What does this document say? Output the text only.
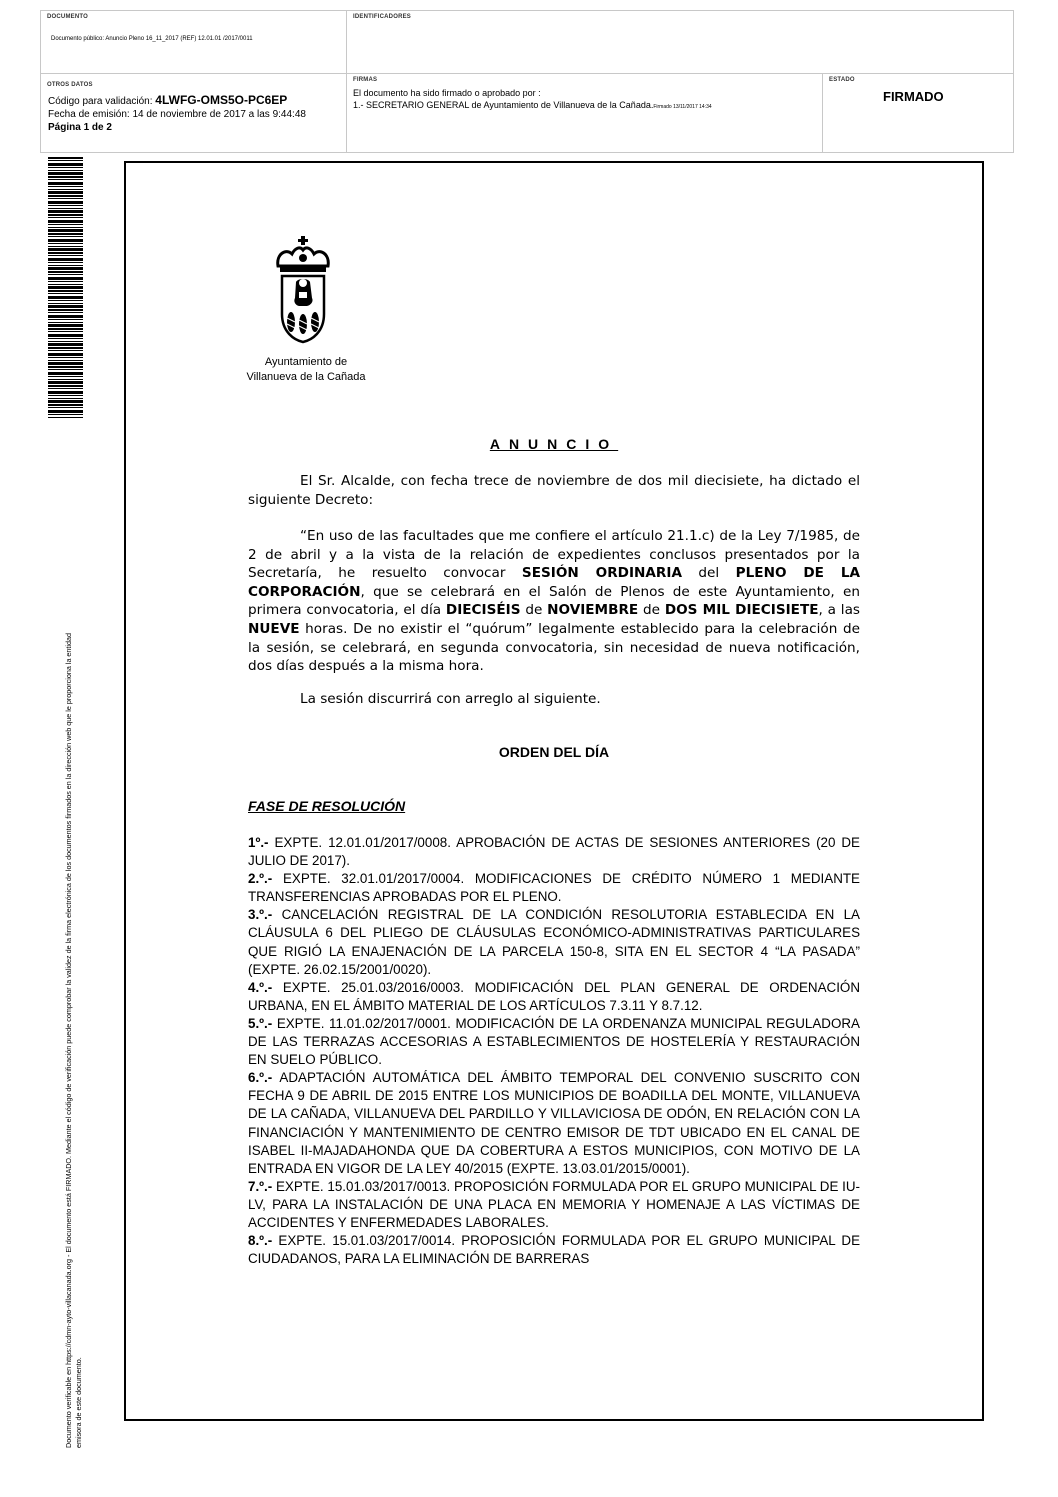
DOCUMENTO
Documento público: Anuncio Pleno 16_11_2017 (REF) 12.01.01 /2017/0011
IDENTIFICADORES
OTROS DATOS
Código para validación: 4LWFG-OMS5O-PC6EP
Fecha de emisión: 14 de noviembre de 2017 a las 9:44:48
Página 1 de 2
FIRMAS
El documento ha sido firmado o aprobado por :
1.- SECRETARIO GENERAL de Ayuntamiento de Villanueva de la Cañada.Firmado 13/11/2017 14:34
ESTADO
FIRMADO
Documento verificable en https://cdmn-ayto-villacanada.org - El documento está FIRMADO. Mediante el código de verificación puede comprobar la validez de la firma electrónica de los documentos firmados en la dirección web que le proporciona la entidad emisora de este documento.
Ayuntamiento de
Villanueva de la Cañada
ANUNCIO
El Sr. Alcalde, con fecha trece de noviembre de dos mil diecisiete, ha dictado el siguiente Decreto:
“En uso de las facultades que me confiere el artículo 21.1.c) de la Ley 7/1985, de 2 de abril y a la vista de la relación de expedientes conclusos presentados por la Secretaría, he resuelto convocar SESIÓN ORDINARIA del PLENO DE LA CORPORACIÓN, que se celebrará en el Salón de Plenos de este Ayuntamiento, en primera convocatoria, el día DIECISÉIS de NOVIEMBRE de DOS MIL DIECISIETE, a las NUEVE horas. De no existir el “quórum” legalmente establecido para la celebración de la sesión, se celebrará, en segunda convocatoria, sin necesidad de nueva notificación, dos días después a la misma hora.
La sesión discurrirá con arreglo al siguiente.
ORDEN DEL DÍA
FASE DE RESOLUCIÓN

1º.- EXPTE. 12.01.01/2017/0008. APROBACIÓN DE ACTAS DE SESIONES ANTERIORES (20 DE JULIO DE 2017).

2.º.- EXPTE. 32.01.01/2017/0004. MODIFICACIONES DE CRÉDITO NÚMERO 1 MEDIANTE TRANSFERENCIAS APROBADAS POR EL PLENO.

3.º.- CANCELACIÓN REGISTRAL DE LA CONDICIÓN RESOLUTORIA ESTABLECIDA EN LA CLÁUSULA 6 DEL PLIEGO DE CLÁUSULAS ECONÓMICO-ADMINISTRATIVAS PARTICULARES QUE RIGIÓ LA ENAJENACIÓN DE LA PARCELA 150-8, SITA EN EL SECTOR 4 “LA PASADA” (EXPTE. 26.02.15/2001/0020).

4.º.- EXPTE. 25.01.03/2016/0003. MODIFICACIÓN DEL PLAN GENERAL DE ORDENACIÓN URBANA, EN EL ÁMBITO MATERIAL DE LOS ARTÍCULOS 7.3.11 Y 8.7.12.

5.º.- EXPTE. 11.01.02/2017/0001. MODIFICACIÓN DE LA ORDENANZA MUNICIPAL REGULADORA DE LAS TERRAZAS ACCESORIAS A ESTABLECIMIENTOS DE HOSTELERÍA Y RESTAURACIÓN EN SUELO PÚBLICO.

6.º.- ADAPTACIÓN AUTOMÁTICA DEL ÁMBITO TEMPORAL DEL CONVENIO SUSCRITO CON FECHA 9 DE ABRIL DE 2015 ENTRE LOS MUNICIPIOS DE BOADILLA DEL MONTE, VILLANUEVA DE LA CAÑADA, VILLANUEVA DEL PARDILLO Y VILLAVICIOSA DE ODÓN, EN RELACIÓN CON LA FINANCIACIÓN Y MANTENIMIENTO DE CENTRO EMISOR DE TDT UBICADO EN EL CANAL DE ISABEL II-MAJADAHONDA QUE DA COBERTURA A ESTOS MUNICIPIOS, CON MOTIVO DE LA ENTRADA EN VIGOR DE LA LEY 40/2015 (EXPTE. 13.03.01/2015/0001).

7.º.- EXPTE. 15.01.03/2017/0013. PROPOSICIÓN FORMULADA POR EL GRUPO MUNICIPAL DE IU-LV, PARA LA INSTALACIÓN DE UNA PLACA EN MEMORIA Y HOMENAJE A LAS VÍCTIMAS DE ACCIDENTES Y ENFERMEDADES LABORALES.

8.º.- EXPTE. 15.01.03/2017/0014. PROPOSICIÓN FORMULADA POR EL GRUPO MUNICIPAL DE CIUDADANOS, PARA LA ELIMINACIÓN DE BARRERAS
